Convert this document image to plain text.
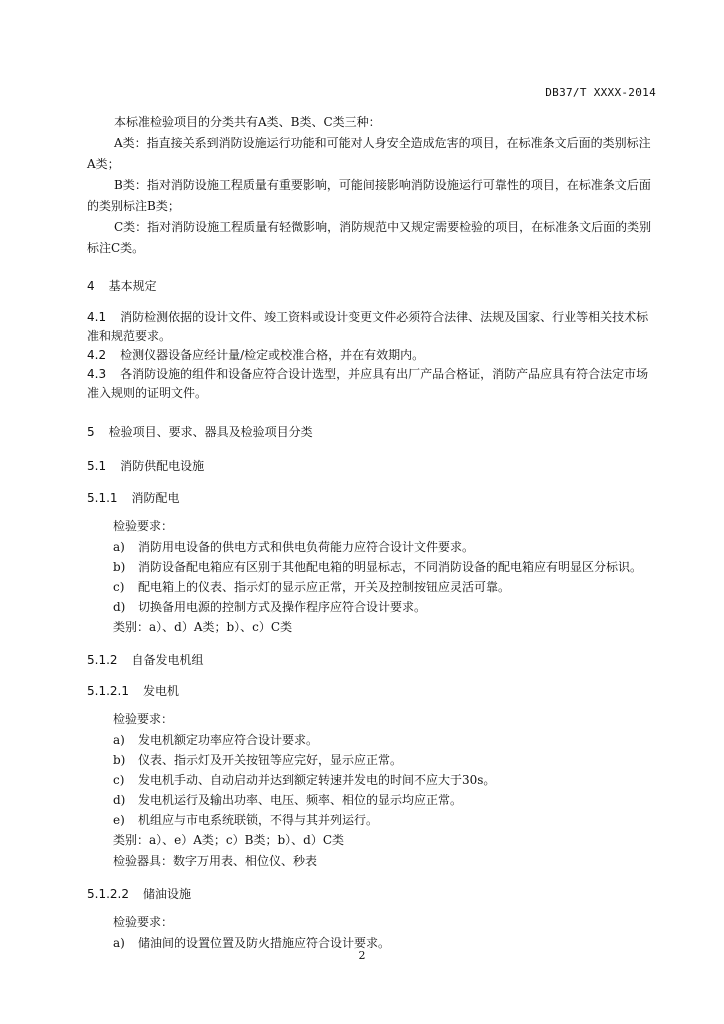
DB37/T XXXX-2014

本标准检验项目的分类共有A类、B类、C类三种：

A类：指直接关系到消防设施运行功能和可能对人身安全造成危害的项目，在标准条文后面的类别标注A类；

B类：指对消防设施工程质量有重要影响，可能间接影响消防设施运行可靠性的项目，在标准条文后面的类别标注B类；

C类：指对消防设施工程质量有轻微影响，消防规范中又规定需要检验的项目，在标准条文后面的类别标注C类。

4 基本规定

4.1 消防检测依据的设计文件、竣工资料或设计变更文件必须符合法律、法规及国家、行业等相关技术标准和规范要求。

4.2 检测仪器设备应经计量/检定或校准合格，并在有效期内。

4.3 各消防设施的组件和设备应符合设计选型，并应具有出厂产品合格证，消防产品应具有符合法定市场准入规则的证明文件。

5 检验项目、要求、器具及检验项目分类

5.1 消防供配电设施

5.1.1 消防配电

检验要求：

a) 消防用电设备的供电方式和供电负荷能力应符合设计文件要求。

b) 消防设备配电箱应有区别于其他配电箱的明显标志，不同消防设备的配电箱应有明显区分标识。

c) 配电箱上的仪表、指示灯的显示应正常，开关及控制按钮应灵活可靠。

d) 切换备用电源的控制方式及操作程序应符合设计要求。

类别：a）、d）A类；b）、c）C类

5.1.2 自备发电机组

5.1.2.1 发电机

检验要求：

a) 发电机额定功率应符合设计要求。

b) 仪表、指示灯及开关按钮等应完好，显示应正常。

c) 发电机手动、自动启动并达到额定转速并发电的时间不应大于30s。

d) 发电机运行及输出功率、电压、频率、相位的显示均应正常。

e) 机组应与市电系统联锁，不得与其并列运行。

类别：a）、e）A类；c）B类；b）、d）C类

检验器具：数字万用表、相位仪、秒表

5.1.2.2 储油设施

检验要求：

a) 储油间的设置位置及防火措施应符合设计要求。

2
